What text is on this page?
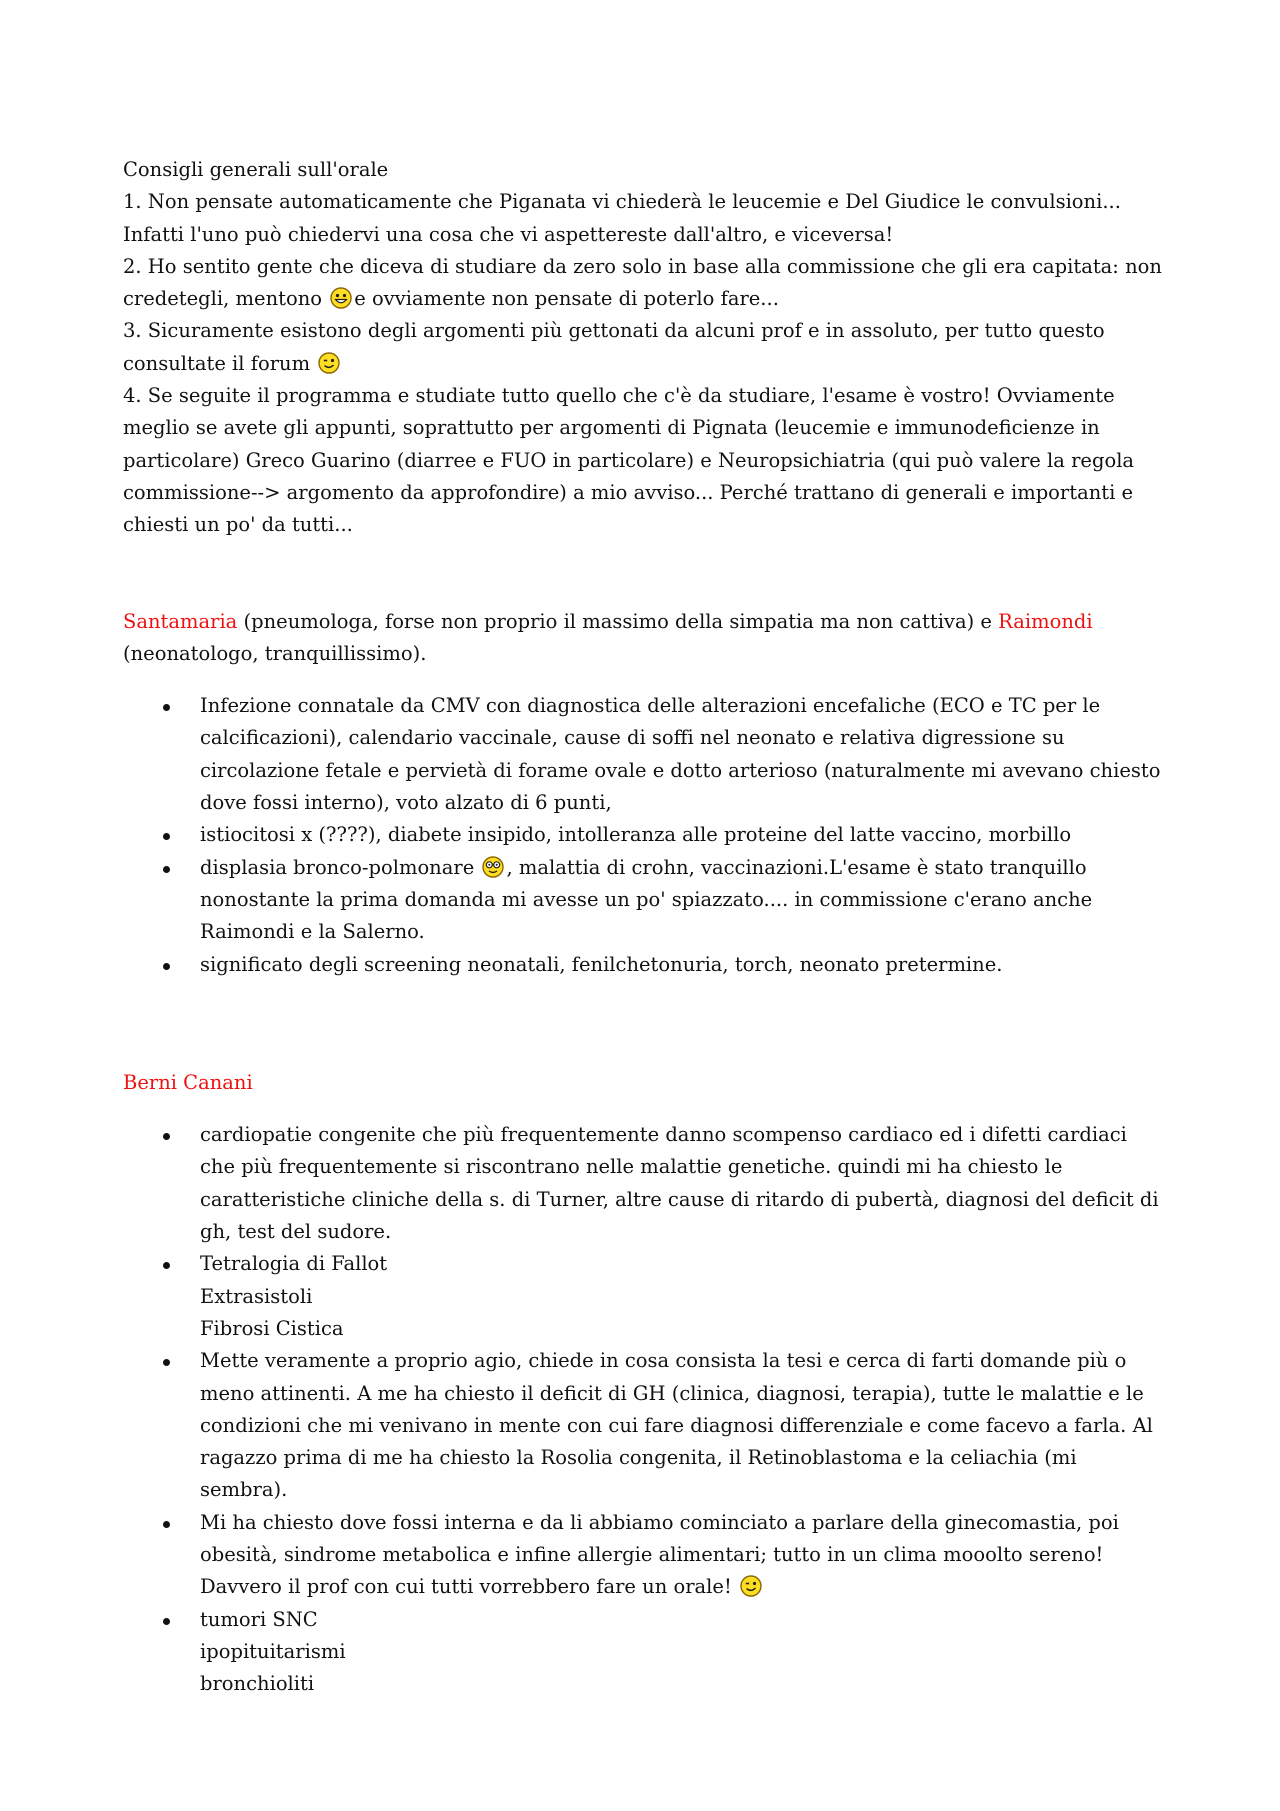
Consigli generali sull'orale

1. Non pensate automaticamente che Piganata vi chiederà le leucemie e Del Giudice le convulsioni... Infatti l'uno può chiedervi una cosa che vi aspettereste dall'altro, e viceversa!

2. Ho sentito gente che diceva di studiare da zero solo in base alla commissione che gli era capitata: non credetegli, mentono e ovviamente non pensate di poterlo fare...

3. Sicuramente esistono degli argomenti più gettonati da alcuni prof e in assoluto, per tutto questo consultate il forum

4. Se seguite il programma e studiate tutto quello che c'è da studiare, l'esame è vostro! Ovviamente meglio se avete gli appunti, soprattutto per argomenti di Pignata (leucemie e immunodeficienze in particolare) Greco Guarino (diarree e FUO in particolare) e Neuropsichiatria (qui può valere la regola commissione--> argomento da approfondire) a mio avviso... Perché trattano di generali e importanti e chiesti un po' da tutti...

Santamaria (pneumologa, forse non proprio il massimo della simpatia ma non cattiva) e Raimondi (neonatologo, tranquillissimo).

Infezione connatale da CMV con diagnostica delle alterazioni encefaliche (ECO e TC per le calcificazioni), calendario vaccinale, cause di soffi nel neonato e relativa digressione su circolazione fetale e pervietà di forame ovale e dotto arterioso (naturalmente mi avevano chiesto dove fossi interno), voto alzato di 6 punti,
istiocitosi x (????), diabete insipido, intolleranza alle proteine del latte vaccino, morbillo
displasia bronco-polmonare , malattia di crohn, vaccinazioni.L'esame è stato tranquillo nonostante la prima domanda mi avesse un po' spiazzato.... in commissione c'erano anche Raimondi e la Salerno.
significato degli screening neonatali, fenilchetonuria, torch, neonato pretermine.

Berni Canani

cardiopatie congenite che più frequentemente danno scompenso cardiaco ed i difetti cardiaci che più frequentemente si riscontrano nelle malattie genetiche. quindi mi ha chiesto le caratteristiche cliniche della s. di Turner, altre cause di ritardo di pubertà, diagnosi del deficit di gh, test del sudore.
Tetralogia di Fallot
Extrasistoli
Fibrosi Cistica
Mette veramente a proprio agio, chiede in cosa consista la tesi e cerca di farti domande più o meno attinenti. A me ha chiesto il deficit di GH (clinica, diagnosi, terapia), tutte le malattie e le condizioni che mi venivano in mente con cui fare diagnosi differenziale e come facevo a farla. Al ragazzo prima di me ha chiesto la Rosolia congenita, il Retinoblastoma e la celiachia (mi sembra).
Mi ha chiesto dove fossi interna e da li abbiamo cominciato a parlare della ginecomastia, poi obesità, sindrome metabolica e infine allergie alimentari; tutto in un clima mooolto sereno! Davvero il prof con cui tutti vorrebbero fare un orale!
tumori SNC
ipopituitarismi
bronchioliti
